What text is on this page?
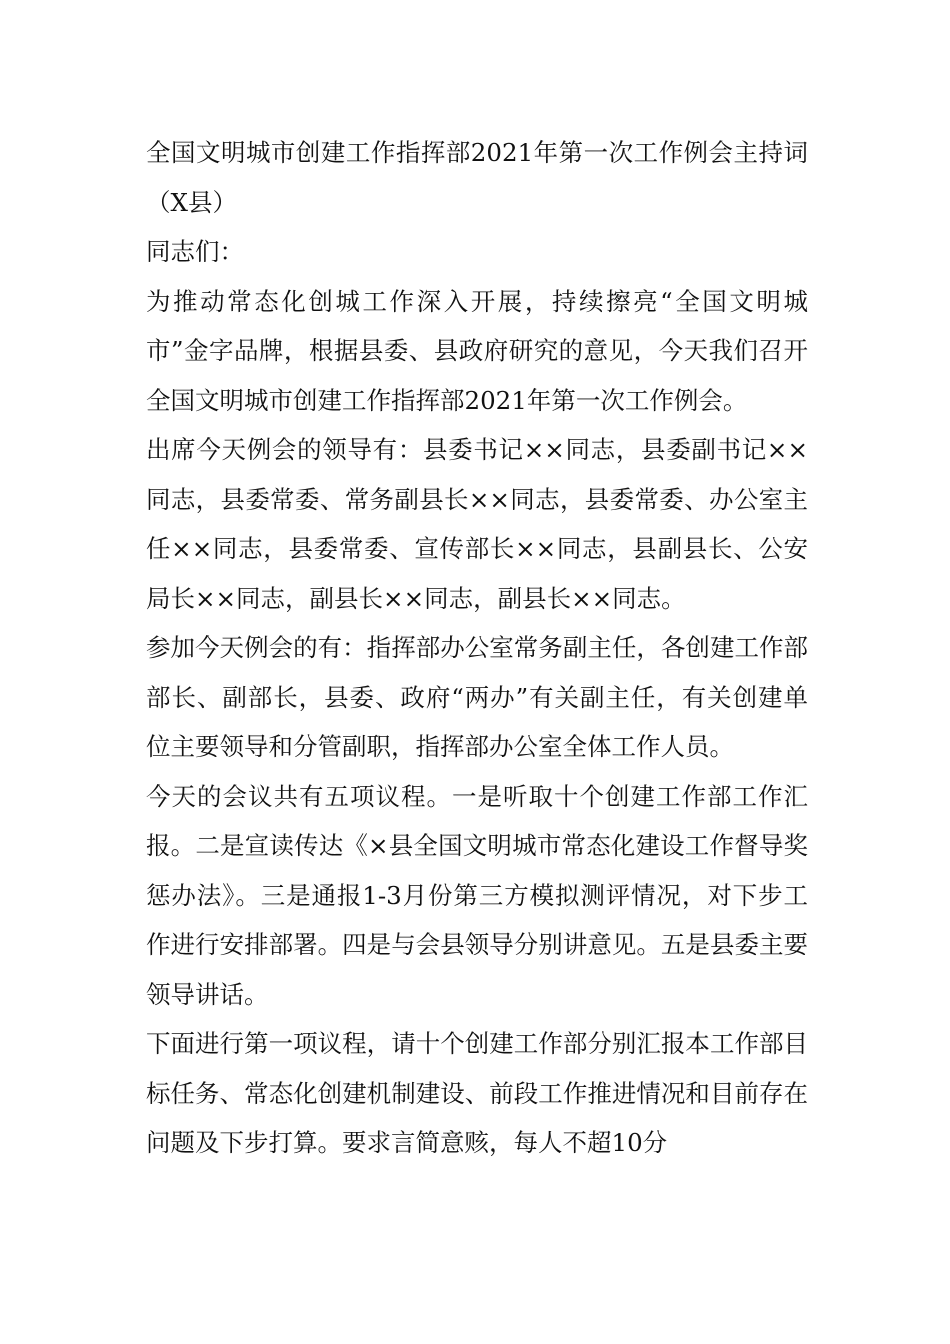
全国文明城市创建工作指挥部2021年第一次工作例会主持词（X县）

同志们：

为推动常态化创城工作深入开展，持续擦亮“全国文明城市”金字品牌，根据县委、县政府研究的意见，今天我们召开全国文明城市创建工作指挥部2021年第一次工作例会。

出席今天例会的领导有：县委书记××同志，县委副书记××同志，县委常委、常务副县长××同志，县委常委、办公室主任××同志，县委常委、宣传部长××同志，县副县长、公安局长××同志，副县长××同志，副县长××同志。

参加今天例会的有：指挥部办公室常务副主任，各创建工作部部长、副部长，县委、政府“两办”有关副主任，有关创建单位主要领导和分管副职，指挥部办公室全体工作人员。

今天的会议共有五项议程。一是听取十个创建工作部工作汇报。二是宣读传达《×县全国文明城市常态化建设工作督导奖惩办法》。三是通报1-3月份第三方模拟测评情况，对下步工作进行安排部署。四是与会县领导分别讲意见。五是县委主要领导讲话。

下面进行第一项议程，请十个创建工作部分别汇报本工作部目标任务、常态化创建机制建设、前段工作推进情况和目前存在问题及下步打算。要求言简意赅，每人不超10分
